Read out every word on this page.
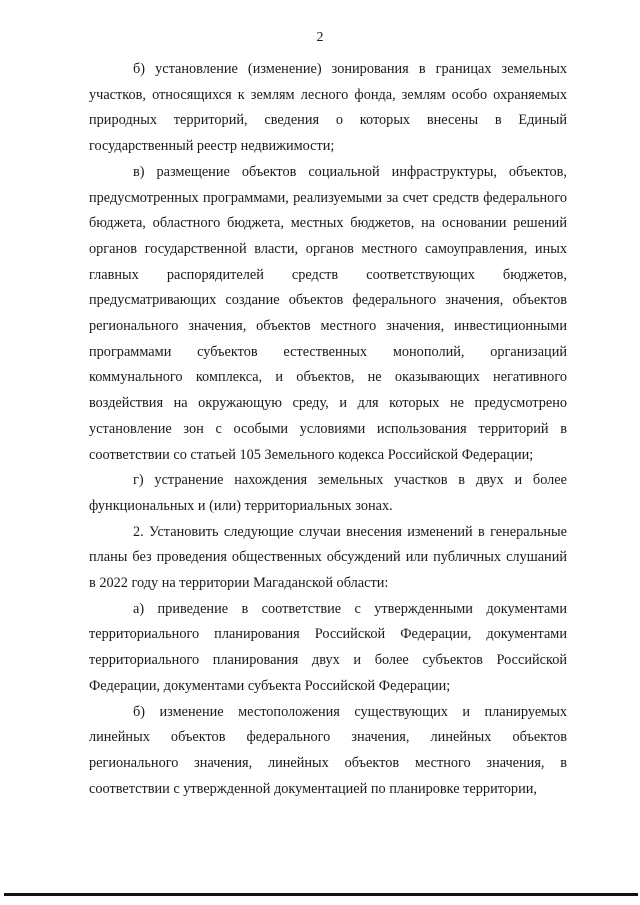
2

б) установление (изменение) зонирования в границах земельных участков, относящихся к землям лесного фонда, землям особо охраняемых природных территорий, сведения о которых внесены в Единый государственный реестр недвижимости;

в) размещение объектов социальной инфраструктуры, объектов, предусмотренных программами, реализуемыми за счет средств федерального бюджета, областного бюджета, местных бюджетов, на основании решений органов государственной власти, органов местного самоуправления, иных главных распорядителей средств соответствующих бюджетов, предусматривающих создание объектов федерального значения, объектов регионального значения, объектов местного значения, инвестиционными программами субъектов естественных монополий, организаций коммунального комплекса, и объектов, не оказывающих негативного воздействия на окружающую среду, и для которых не предусмотрено установление зон с особыми условиями использования территорий в соответствии со статьей 105 Земельного кодекса Российской Федерации;

г) устранение нахождения земельных участков в двух и более функциональных и (или) территориальных зонах.

2. Установить следующие случаи внесения изменений в генеральные планы без проведения общественных обсуждений или публичных слушаний в 2022 году на территории Магаданской области:

а) приведение в соответствие с утвержденными документами территориального планирования Российской Федерации, документами территориального планирования двух и более субъектов Российской Федерации, документами субъекта Российской Федерации;

б) изменение местоположения существующих и планируемых линейных объектов федерального значения, линейных объектов регионального значения, линейных объектов местного значения, в соответствии с утвержденной документацией по планировке территории,
